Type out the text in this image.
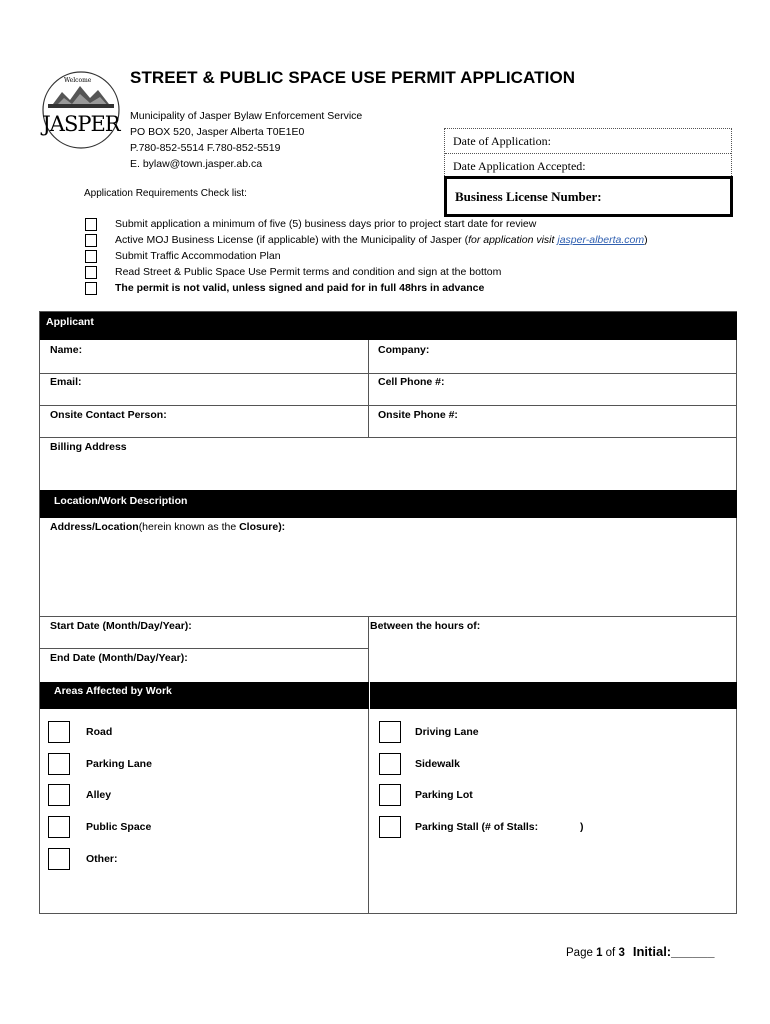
Welcome
JASPER
STREET & PUBLIC SPACE USE PERMIT APPLICATION
Municipality of Jasper Bylaw Enforcement Service
PO BOX 520, Jasper Alberta T0E1E0
P.780-852-5514 F.780-852-5519
E. bylaw@town.jasper.ab.ca
Date of Application:
Date Application Accepted:
Business License Number:
Application Requirements Check list:
Submit application a minimum of five (5) business days prior to project start date for review
Active MOJ Business License (if applicable) with the Municipality of Jasper (for application visit jasper-alberta.com)
Submit Traffic Accommodation Plan
Read Street & Public Space Use Permit terms and condition and sign at the bottom
The permit is not valid, unless signed and paid for in full 48hrs in advance
Applicant
Name:	Company:
Email:	Cell Phone #:
Onsite Contact Person:	Onsite Phone #:
Billing Address
Location/Work Description
Address/Location(herein known as the Closure):
Start Date (Month/Day/Year):	Between the hours of:
End Date (Month/Day/Year):
Areas Affected by Work
Road
Parking Lane
Alley
Public Space
Other:
Driving Lane
Sidewalk
Parking Lot
Parking Stall (# of Stalls:	)
Page 1 of 3 Initial:______
